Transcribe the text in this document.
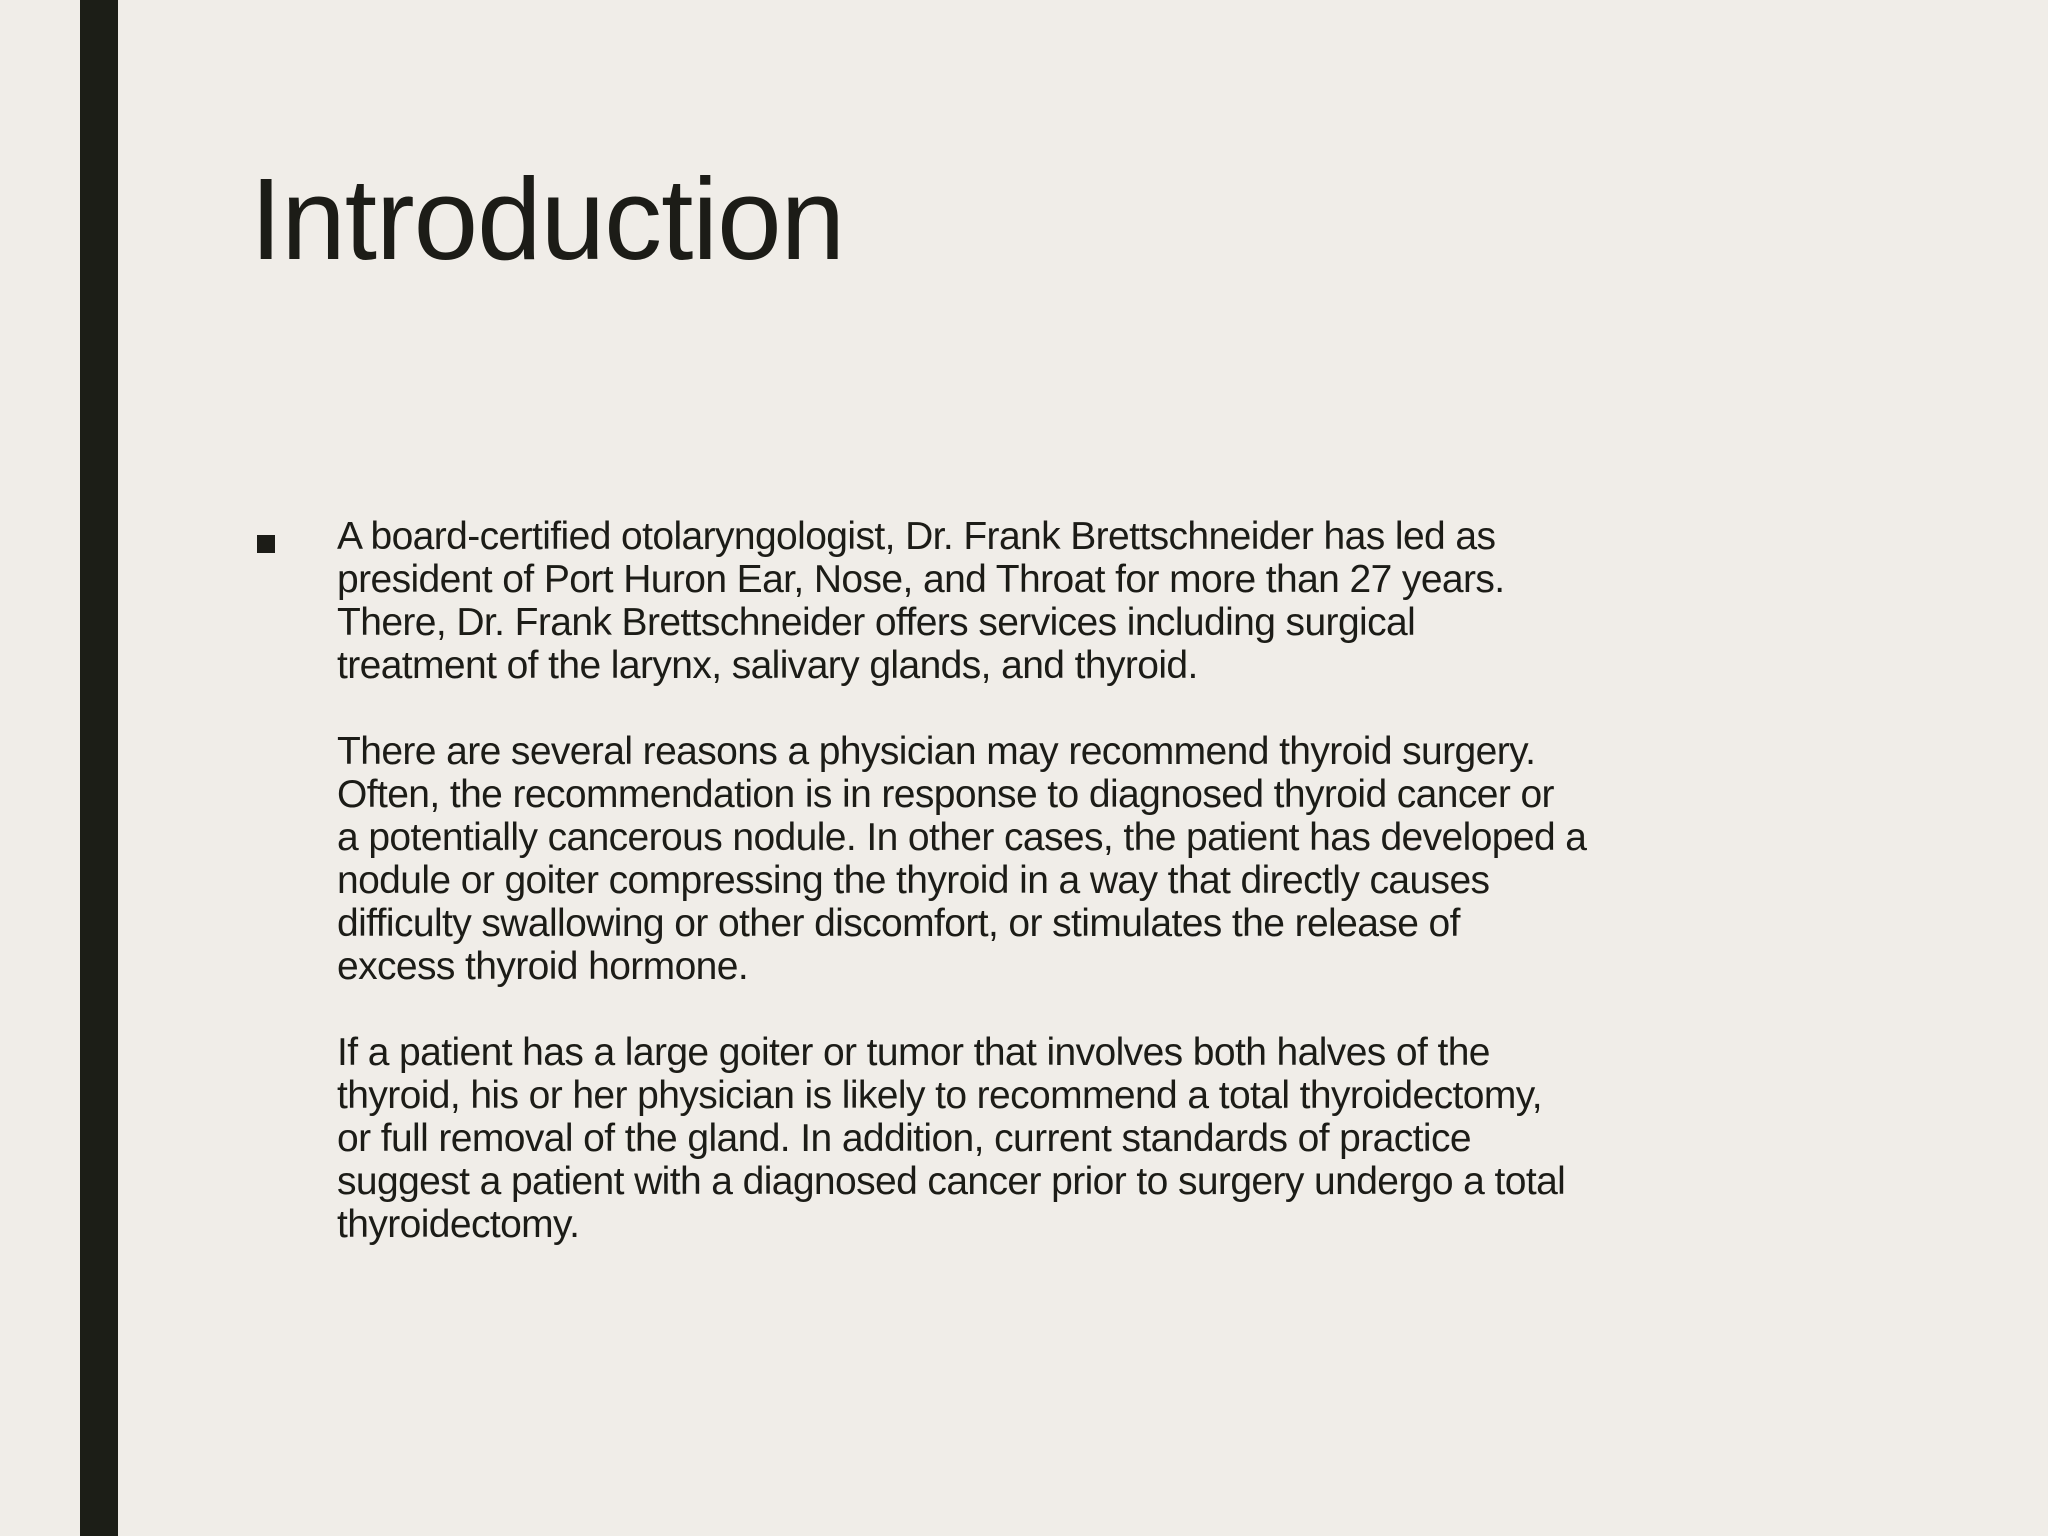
Introduction

A board-certified otolaryngologist, Dr. Frank Brettschneider has led as
president of Port Huron Ear, Nose, and Throat for more than 27 years.
There, Dr. Frank Brettschneider offers services including surgical
treatment of the larynx, salivary glands, and thyroid.

There are several reasons a physician may recommend thyroid surgery.
Often, the recommendation is in response to diagnosed thyroid cancer or
a potentially cancerous nodule. In other cases, the patient has developed a
nodule or goiter compressing the thyroid in a way that directly causes
difficulty swallowing or other discomfort, or stimulates the release of
excess thyroid hormone.

If a patient has a large goiter or tumor that involves both halves of the
thyroid, his or her physician is likely to recommend a total thyroidectomy,
or full removal of the gland. In addition, current standards of practice
suggest a patient with a diagnosed cancer prior to surgery undergo a total
thyroidectomy.
